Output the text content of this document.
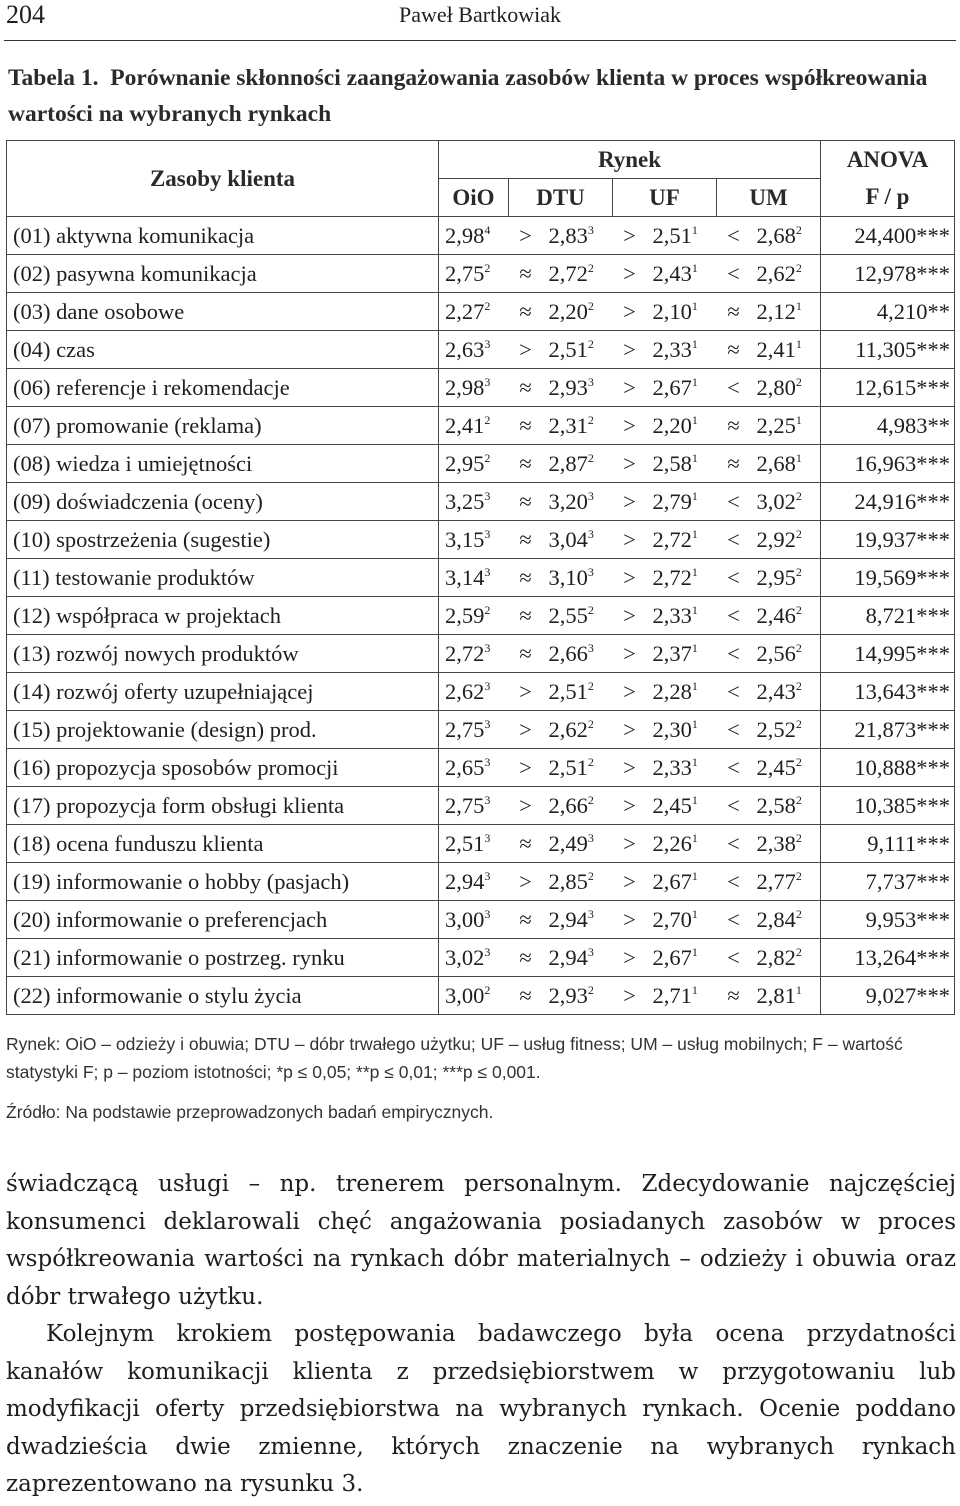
204	Paweł Bartkowiak
Tabela 1. Porównanie skłonności zaangażowania zasobów klienta w proces współkreowania wartości na wybranych rynkach
Zasoby klienta	Rynek							ANOVA
	OiO	DTU		UF		UM		F / p
(01) aktywna komunikacja	$2,98^4$	>	$2,83^3$	>	$2,51^1$	<	$2,68^2$	24,400***
(02) pasywna komunikacja	$2,75^2$	≈	$2,72^2$	>	$2,43^1$	<	$2,62^2$	12,978***
(03) dane osobowe	$2,27^2$	≈	$2,20^2$	>	$2,10^1$	≈	$2,12^1$	4,210**
(04) czas	$2,63^3$	>	$2,51^2$	>	$2,33^1$	≈	$2,41^1$	11,305***
(06) referencje i rekomendacje	$2,98^3$	≈	$2,93^3$	>	$2,67^1$	<	$2,80^2$	12,615***
(07) promowanie (reklama)	$2,41^2$	≈	$2,31^2$	>	$2,20^1$	≈	$2,25^1$	4,983**
(08) wiedza i umiejętności	$2,95^2$	≈	$2,87^2$	>	$2,58^1$	≈	$2,68^1$	16,963***
(09) doświadczenia (oceny)	$3,25^3$	≈	$3,20^3$	>	$2,79^1$	<	$3,02^2$	24,916***
(10) spostrzeżenia (sugestie)	$3,15^3$	≈	$3,04^3$	>	$2,72^1$	<	$2,92^2$	19,937***
(11) testowanie produktów	$3,14^3$	≈	$3,10^3$	>	$2,72^1$	<	$2,95^2$	19,569***
(12) współpraca w projektach	$2,59^2$	≈	$2,55^2$	>	$2,33^1$	<	$2,46^2$	8,721***
(13) rozwój nowych produktów	$2,72^3$	≈	$2,66^3$	>	$2,37^1$	<	$2,56^2$	14,995***
(14) rozwój oferty uzupełniającej	$2,62^3$	>	$2,51^2$	>	$2,28^1$	<	$2,43^2$	13,643***
(15) projektowanie (design) prod.	$2,75^3$	>	$2,62^2$	>	$2,30^1$	<	$2,52^2$	21,873***
(16) propozycja sposobów promocji	$2,65^3$	>	$2,51^2$	>	$2,33^1$	<	$2,45^2$	10,888***
(17) propozycja form obsługi klienta	$2,75^3$	>	$2,66^2$	>	$2,45^1$	<	$2,58^2$	10,385***
(18) ocena funduszu klienta	$2,51^3$	≈	$2,49^3$	>	$2,26^1$	<	$2,38^2$	9,111***
(19) informowanie o hobby (pasjach)	$2,94^3$	>	$2,85^2$	>	$2,67^1$	<	$2,77^2$	7,737***
(20) informowanie o preferencjach	$3,00^3$	≈	$2,94^3$	>	$2,70^1$	<	$2,84^2$	9,953***
(21) informowanie o postrzeg. rynku	$3,02^3$	≈	$2,94^3$	>	$2,67^1$	<	$2,82^2$	13,264***
(22) informowanie o stylu życia	$3,00^2$	≈	$2,93^2$	>	$2,71^1$	≈	$2,81^1$	9,027***

Rynek: OiO – odzieży i obuwia; DTU – dóbr trwałego użytku; UF – usług fitness; UM – usług mobilnych; F – wartość statystyki F; p – poziom istotności; *p ≤ 0,05; **p ≤ 0,01; ***p ≤ 0,001.

Źródło: Na podstawie przeprowadzonych badań empirycznych.

świadczącą usługi – np. trenerem personalnym. Zdecydowanie najczęściej konsumenci deklarowali chęć angażowania posiadanych zasobów w proces współkreowania wartości na rynkach dóbr materialnych – odzieży i obuwia oraz dóbr trwałego użytku.

Kolejnym krokiem postępowania badawczego była ocena przydatności kanałów komunikacji klienta z przedsiębiorstwem w przygotowaniu lub modyfikacji oferty przedsiębiorstwa na wybranych rynkach. Ocenie poddano dwadzieścia dwie zmienne, których znaczenie na wybranych rynkach zaprezentowano na rysunku 3.
